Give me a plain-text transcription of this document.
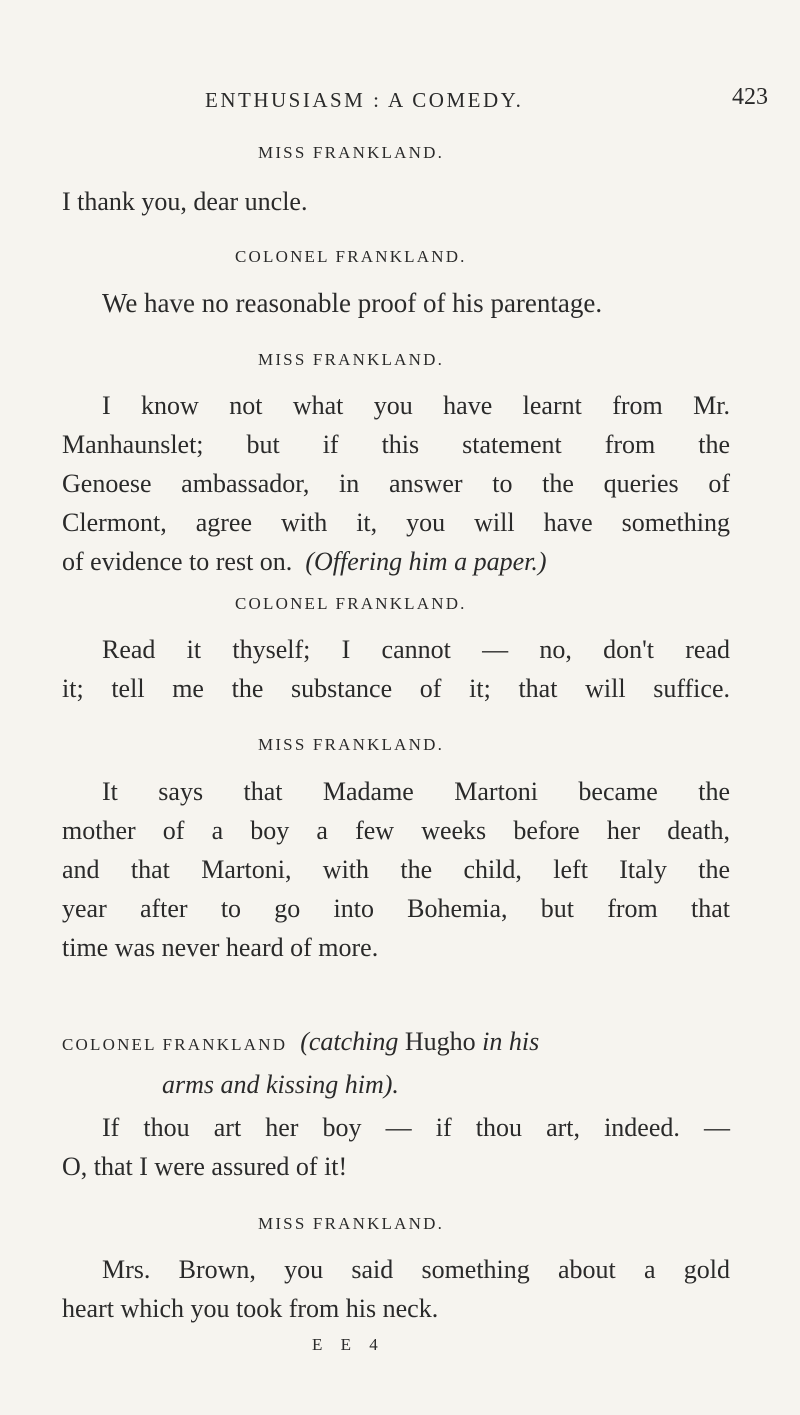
ENTHUSIASM : A COMEDY.	423
MISS FRANKLAND.
I thank you, dear uncle.
COLONEL FRANKLAND.
We have no reasonable proof of his parentage.
MISS FRANKLAND.
I know not what you have learnt from Mr.
Manhaunslet; but if this statement from the
Genoese ambassador, in answer to the queries of
Clermont, agree with it, you will have something
of evidence to rest on. (Offering him a paper.)
COLONEL FRANKLAND.
Read it thyself; I cannot — no, don't read
it; tell me the substance of it; that will suffice.
MISS FRANKLAND.
It says that Madame Martoni became the
mother of a boy a few weeks before her death,
and that Martoni, with the child, left Italy the
year after to go into Bohemia, but from that
time was never heard of more.
COLONEL FRANKLAND (catching Hugho in his
arms and kissing him).
If thou art her boy — if thou art, indeed. —
O, that I were assured of it!
MISS FRANKLAND.
Mrs. Brown, you said something about a gold
heart which you took from his neck.
E E 4
